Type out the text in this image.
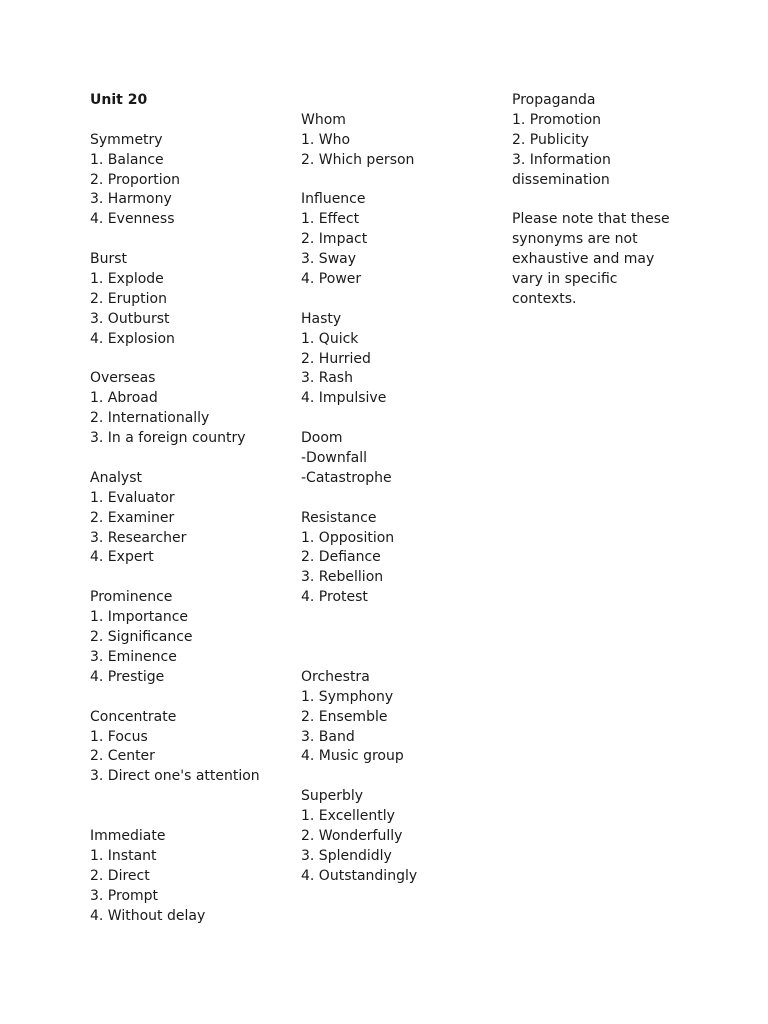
Unit 20
Symmetry
1. Balance
2. Proportion
3. Harmony
4. Evenness
Burst
1. Explode
2. Eruption
3. Outburst
4. Explosion
Overseas
1. Abroad
2. Internationally
3. In a foreign country
Analyst
1. Evaluator
2. Examiner
3. Researcher
4. Expert
Prominence
1. Importance
2. Significance
3. Eminence
4. Prestige
Concentrate
1. Focus
2. Center
3. Direct one's attention
Immediate
1. Instant
2. Direct
3. Prompt
4. Without delay
Whom
1. Who
2. Which person
Influence
1. Effect
2. Impact
3. Sway
4. Power
Hasty
1. Quick
2. Hurried
3. Rash
4. Impulsive
Doom
-Downfall
-Catastrophe
Resistance
1. Opposition
2. Defiance
3. Rebellion
4. Protest
Orchestra
1. Symphony
2. Ensemble
3. Band
4. Music group
Superbly
1. Excellently
2. Wonderfully
3. Splendidly
4. Outstandingly
Propaganda
1. Promotion
2. Publicity
3. Information
dissemination
Please note that these
synonyms are not
exhaustive and may
vary in specific
contexts.
